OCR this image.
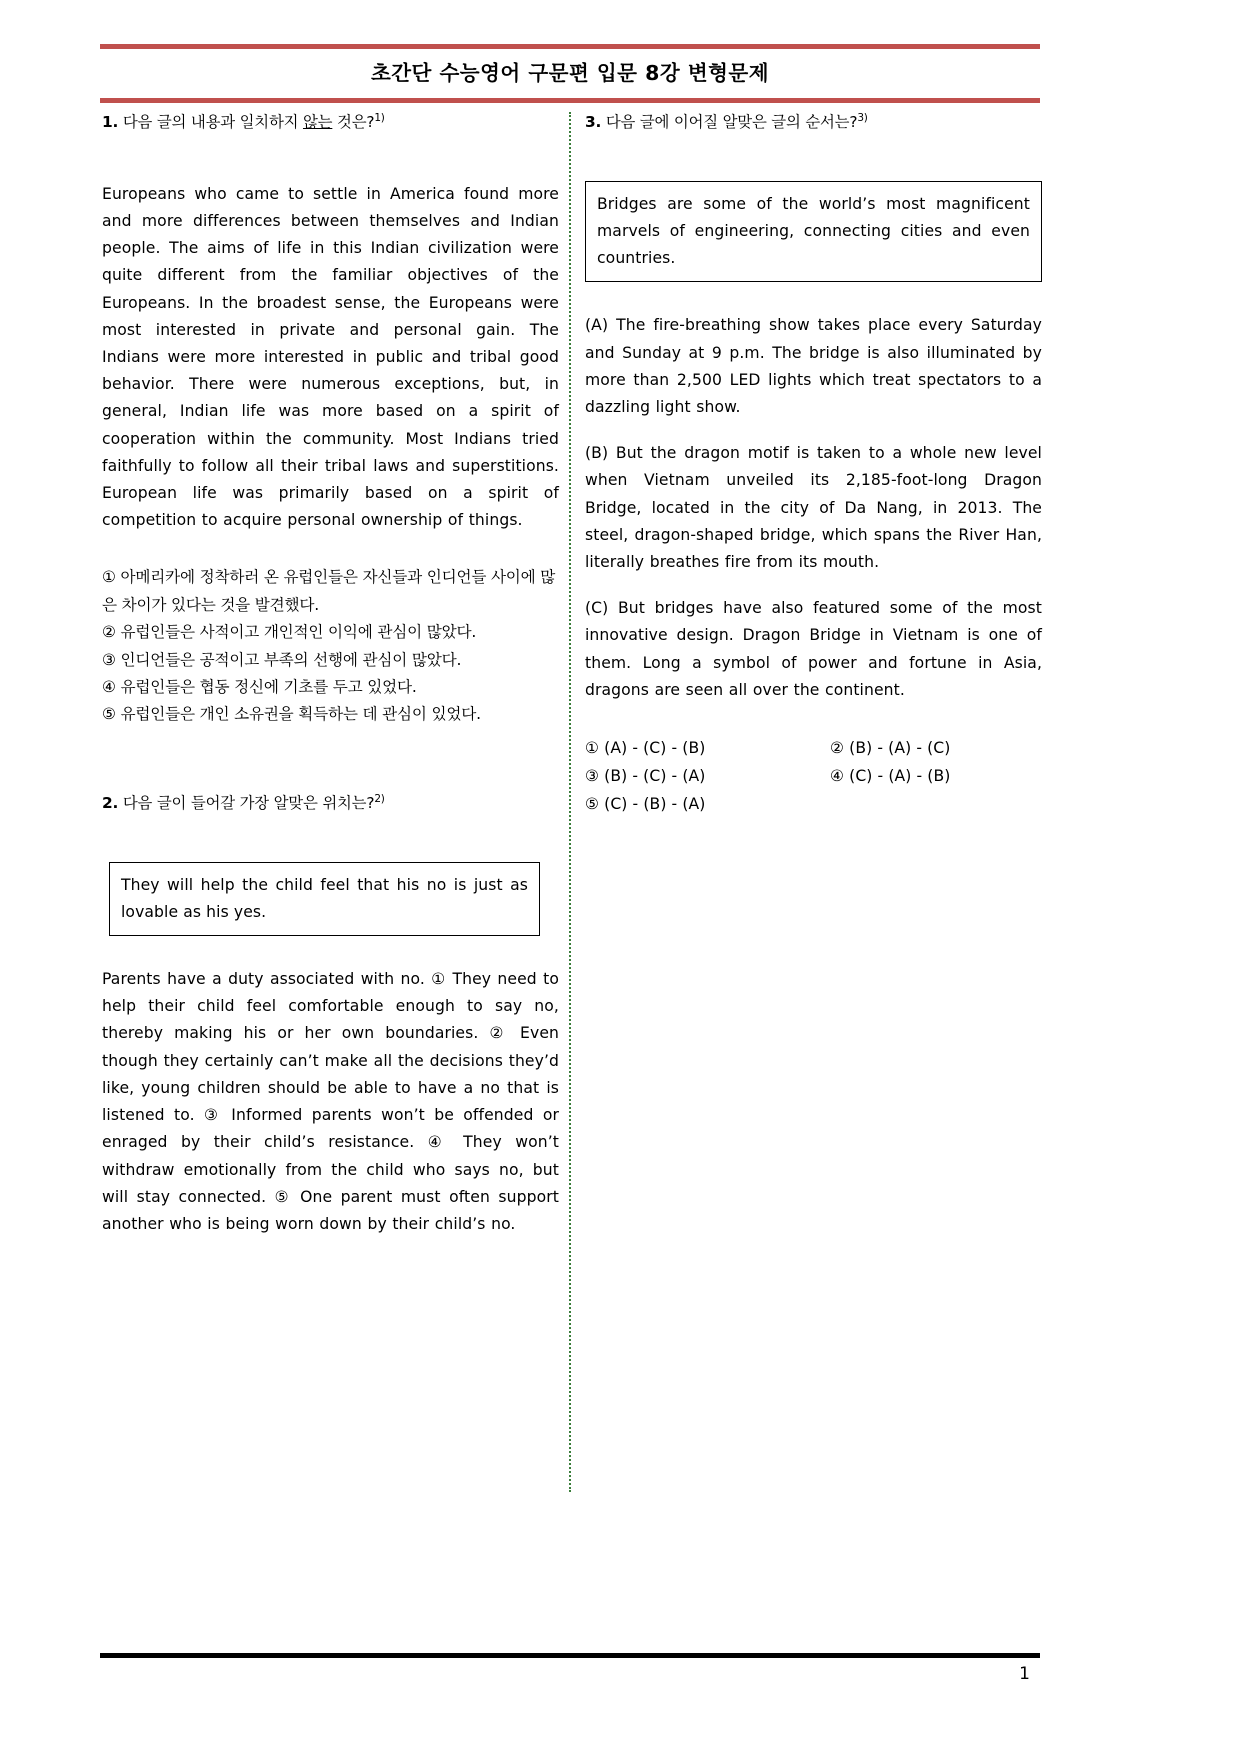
초간단 수능영어 구문편 입문 8강 변형문제
1. 다음 글의 내용과 일치하지 않는 것은?$^{1)}$

Europeans who came to settle in America found more and more differences between themselves and Indian people. The aims of life in this Indian civilization were quite different from the familiar objectives of the Europeans. In the broadest sense, the Europeans were most interested in private and personal gain. The Indians were more interested in public and tribal good behavior. There were numerous exceptions, but, in general, Indian life was more based on a spirit of cooperation within the community. Most Indians tried faithfully to follow all their tribal laws and superstitions. European life was primarily based on a spirit of competition to acquire personal ownership of things.

① 아메리카에 정착하러 온 유럽인들은 자신들과 인디언들 사이에 많은 차이가 있다는 것을 발견했다.
② 유럽인들은 사적이고 개인적인 이익에 관심이 많았다.
③ 인디언들은 공적이고 부족의 선행에 관심이 많았다.
④ 유럽인들은 협동 정신에 기초를 두고 있었다.
⑤ 유럽인들은 개인 소유권을 획득하는 데 관심이 있었다.
2. 다음 글이 들어갈 가장 알맞은 위치는?$^{2)}$
They will help the child feel that his no is just as lovable as his yes.

Parents have a duty associated with no. ① They need to help their child feel comfortable enough to say no, thereby making his or her own boundaries. ② Even though they certainly can’t make all the decisions they’d like, young children should be able to have a no that is listened to. ③ Informed parents won’t be offended or enraged by their child’s resistance. ④ They won’t withdraw emotionally from the child who says no, but will stay connected. ⑤ One parent must often support another who is being worn down by their child’s no.

3. 다음 글에 이어질 알맞은 글의 순서는?$^{3)}$
Bridges are some of the world’s most magnificent marvels of engineering, connecting cities and even countries.

(A) The fire-breathing show takes place every Saturday and Sunday at 9 p.m. The bridge is also illuminated by more than 2,500 LED lights which treat spectators to a dazzling light show.

(B) But the dragon motif is taken to a whole new level when Vietnam unveiled its 2,185-foot-long Dragon Bridge, located in the city of Da Nang, in 2013. The steel, dragon-shaped bridge, which spans the River Han, literally breathes fire from its mouth.

(C) But bridges have also featured some of the most innovative design. Dragon Bridge in Vietnam is one of them. Long a symbol of power and fortune in Asia, dragons are seen all over the continent.

① (A) - (C) - (B)	② (B) - (A) - (C)
③ (B) - (C) - (A)	④ (C) - (A) - (B)
⑤ (C) - (B) - (A)
1
